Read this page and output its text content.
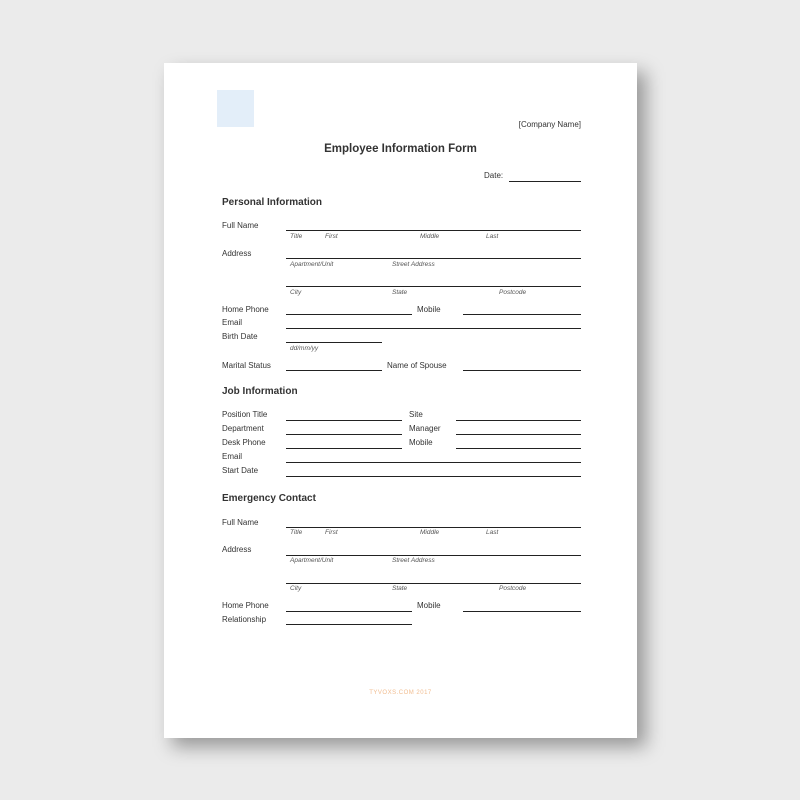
[Company Name]
Employee Information Form
Date:
Personal Information
Full Name
Title	First	Middle	Last
Address
Apartment/Unit	Street Address
City	State	Postcode
Home Phone	Mobile
Email
Birth Date
dd/mm/yy
Marital Status	Name of Spouse
Job Information
Position Title	Site
Department	Manager
Desk Phone	Mobile
Email
Start Date
Emergency Contact
Full Name
Title	First	Middle	Last
Address
Apartment/Unit	Street Address
City	State	Postcode
Home Phone	Mobile
Relationship
TYVOXS.COM 2017
